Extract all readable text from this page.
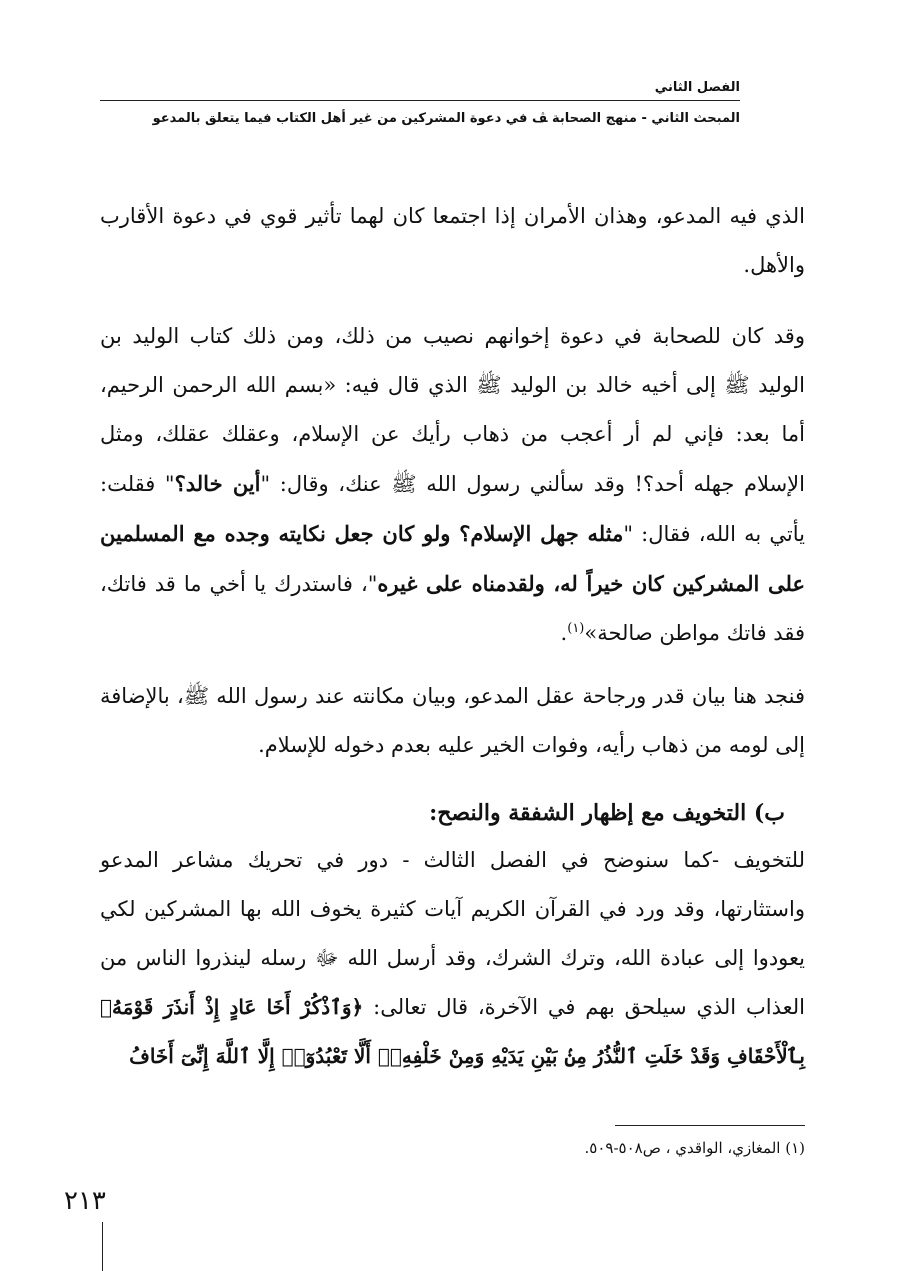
الفصل الثاني
المبحث الثاني - منهج الصحابة ﭫ في دعوة المشركين من غير أهل الكتاب فيما يتعلق بالمدعو

الذي فيه المدعو، وهذان الأمران إذا اجتمعا كان لهما تأثير قوي في دعوة الأقارب والأهل.

وقد كان للصحابة في دعوة إخوانهم نصيب من ذلك، ومن ذلك كتاب الوليد بن الوليد ﷺ إلى أخيه خالد بن الوليد ﷺ الذي قال فيه: «بسم الله الرحمن الرحيم، أما بعد: فإني لم أر أعجب من ذهاب رأيك عن الإسلام، وعقلك عقلك، ومثل الإسلام جهله أحد؟! وقد سألني رسول الله ﷺ عنك، وقال: "أين خالد؟" فقلت: يأتي به الله، فقال: "مثله جهل الإسلام؟ ولو كان جعل نكايته وجده مع المسلمين على المشركين كان خيراً له، ولقدمناه على غيره"، فاستدرك يا أخي ما قد فاتك، فقد فاتك مواطن صالحة»$^{(١)}$.

فنجد هنا بيان قدر ورجاحة عقل المدعو، وبيان مكانته عند رسول الله ﷺ، بالإضافة إلى لومه من ذهاب رأيه، وفوات الخير عليه بعدم دخوله للإسلام.

ب) التخويف مع إظهار الشفقة والنصح:

للتخويف -كما سنوضح في الفصل الثالث - دور في تحريك مشاعر المدعو واستثارتها، وقد ورد في القرآن الكريم آيات كثيرة يخوف الله بها المشركين لكي يعودوا إلى عبادة الله، وترك الشرك، وقد أرسل الله ﷻ رسله لينذروا الناس من العذاب الذي سيلحق بهم في الآخرة، قال تعالى: ﴿وَٱذْكُرْ أَخَا عَادٍ إِذْ أَنذَرَ قَوْمَهُۥ بِٱلْأَحْقَافِ وَقَدْ خَلَتِ ٱلنُّذُرُ مِنۢ بَيْنِ يَدَيْهِ وَمِنْ خَلْفِهِۦٓ أَلَّا تَعْبُدُوٓا۟ إِلَّا ٱللَّهَ إِنِّىٓ أَخَافُ

(١) المغازي، الواقدي ، ص٥٠٨-٥٠٩.
٢١٣
